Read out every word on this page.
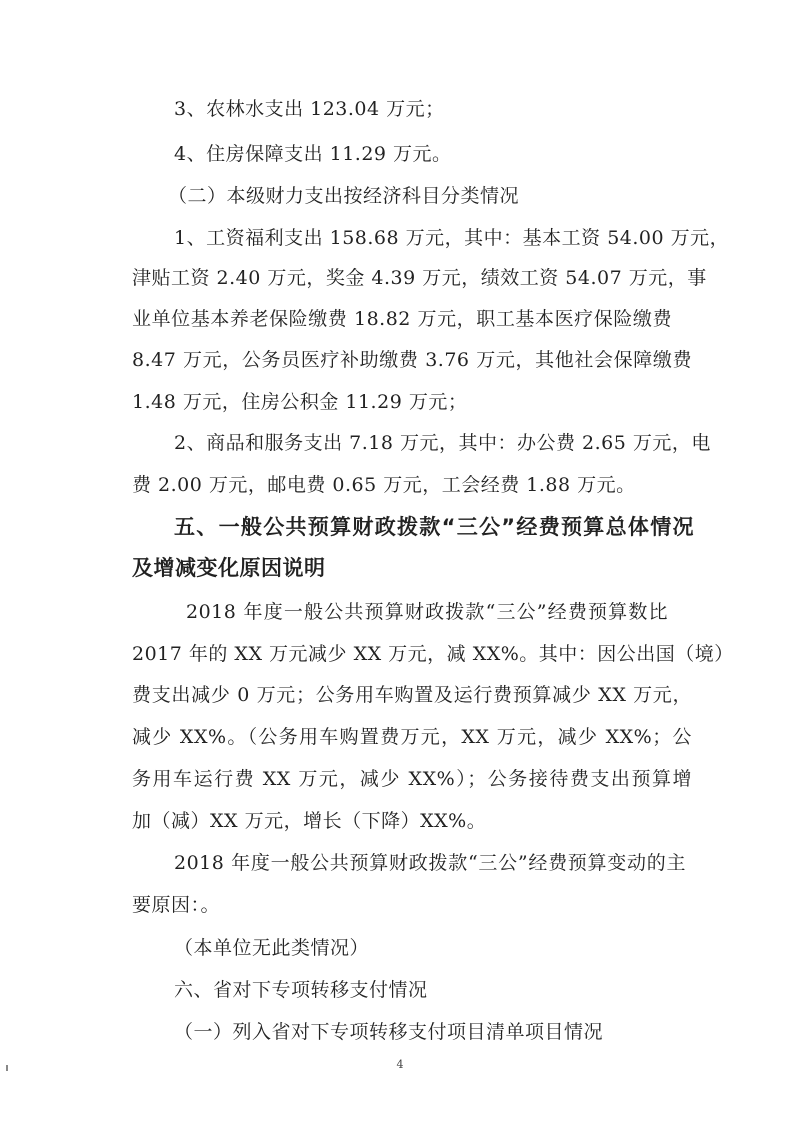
3、农林水支出 123.04 万元；
4、住房保障支出 11.29 万元。
（二）本级财力支出按经济科目分类情况
1、工资福利支出 158.68 万元，其中：基本工资 54.00 万元，
津贴工资 2.40 万元，奖金 4.39 万元，绩效工资 54.07 万元，事
业单位基本养老保险缴费 18.82 万元，职工基本医疗保险缴费
8.47 万元，公务员医疗补助缴费 3.76 万元，其他社会保障缴费
1.48 万元，住房公积金 11.29 万元；
2、商品和服务支出 7.18 万元，其中：办公费 2.65 万元，电
费 2.00 万元，邮电费 0.65 万元，工会经费 1.88 万元。
五、一般公共预算财政拨款“三公”经费预算总体情况
及增减变化原因说明
2018 年度一般公共预算财政拨款“三公”经费预算数比
2017 年的 XX 万元减少 XX 万元，减 XX%。其中：因公出国（境）
费支出减少 0 万元；公务用车购置及运行费预算减少 XX 万元，
减少 XX%。（公务用车购置费万元，XX 万元，减少 XX%；公
务用车运行费 XX 万元，减少 XX%）；公务接待费支出预算增
加（减）XX 万元，增长（下降）XX%。
2018 年度一般公共预算财政拨款“三公”经费预算变动的主
要原因：。
（本单位无此类情况）
六、省对下专项转移支付情况
（一）列入省对下专项转移支付项目清单项目情况
4
